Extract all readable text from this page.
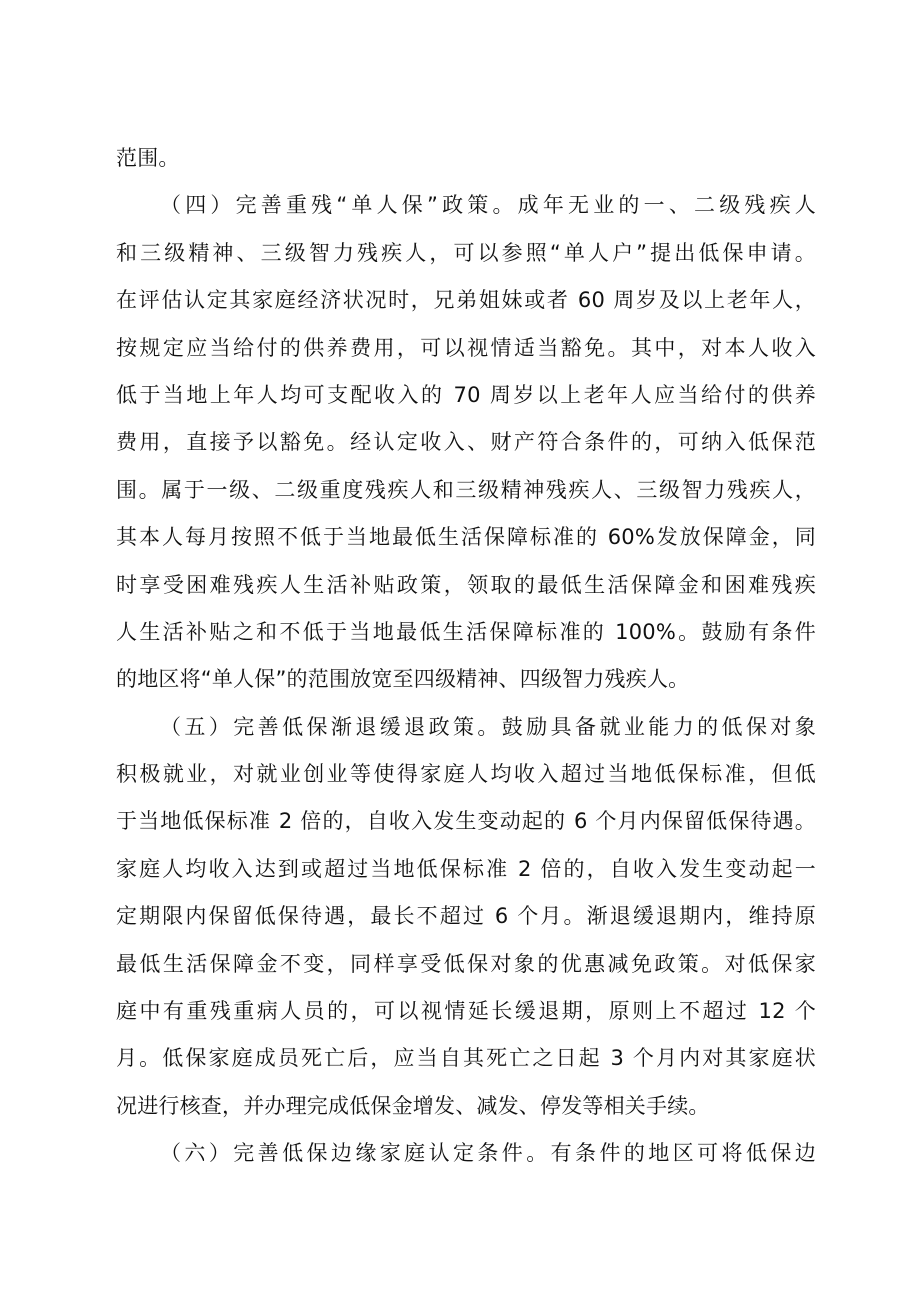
范围。
（四）完善重残“单人保”政策。成年无业的一、二级残疾人
和三级精神、三级智力残疾人，可以参照“单人户”提出低保申请。
在评估认定其家庭经济状况时，兄弟姐妹或者 60 周岁及以上老年人，
按规定应当给付的供养费用，可以视情适当豁免。其中，对本人收入
低于当地上年人均可支配收入的 70 周岁以上老年人应当给付的供养
费用，直接予以豁免。经认定收入、财产符合条件的，可纳入低保范
围。属于一级、二级重度残疾人和三级精神残疾人、三级智力残疾人，
其本人每月按照不低于当地最低生活保障标准的 60%发放保障金，同
时享受困难残疾人生活补贴政策，领取的最低生活保障金和困难残疾
人生活补贴之和不低于当地最低生活保障标准的 100%。鼓励有条件
的地区将“单人保”的范围放宽至四级精神、四级智力残疾人。
（五）完善低保渐退缓退政策。鼓励具备就业能力的低保对象
积极就业，对就业创业等使得家庭人均收入超过当地低保标准，但低
于当地低保标准 2 倍的，自收入发生变动起的 6 个月内保留低保待遇。
家庭人均收入达到或超过当地低保标准 2 倍的，自收入发生变动起一
定期限内保留低保待遇，最长不超过 6 个月。渐退缓退期内，维持原
最低生活保障金不变，同样享受低保对象的优惠减免政策。对低保家
庭中有重残重病人员的，可以视情延长缓退期，原则上不超过 12 个
月。低保家庭成员死亡后，应当自其死亡之日起 3 个月内对其家庭状
况进行核查，并办理完成低保金增发、减发、停发等相关手续。
（六）完善低保边缘家庭认定条件。有条件的地区可将低保边
